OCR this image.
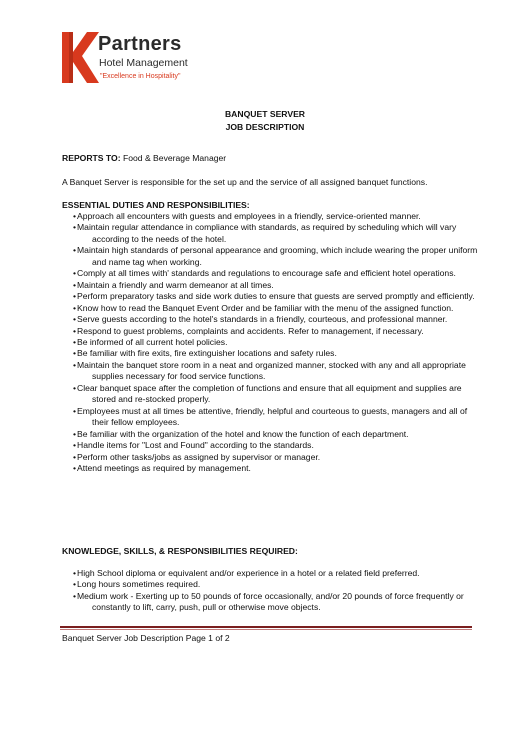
Partners
Hotel Management
"Excellence in Hospitality"
BANQUET SERVER
JOB DESCRIPTION
REPORTS TO: Food & Beverage Manager
A Banquet Server is responsible for the set up and the service of all assigned banquet functions.
ESSENTIAL DUTIES AND RESPONSIBILITIES:
• Approach all encounters with guests and employees in a friendly, service-oriented manner.
• Maintain regular attendance in compliance with standards, as required by scheduling which will vary according to the needs of the hotel.
• Maintain high standards of personal appearance and grooming, which include wearing the proper uniform and name tag when working.
• Comply at all times with' standards and regulations to encourage safe and efficient hotel operations.
• Maintain a friendly and warm demeanor at all times.
• Perform preparatory tasks and side work duties to ensure that guests are served promptly and efficiently.
• Know how to read the Banquet Event Order and be familiar with the menu of the assigned function.
• Serve guests according to the hotel's standards in a friendly, courteous, and professional manner.
• Respond to guest problems, complaints and accidents. Refer to management, if necessary.
• Be informed of all current hotel policies.
• Be familiar with fire exits, fire extinguisher locations and safety rules.
• Maintain the banquet store room in a neat and organized manner, stocked with any and all appropriate supplies necessary for food service functions.
• Clear banquet space after the completion of functions and ensure that all equipment and supplies are stored and re-stocked properly.
• Employees must at all times be attentive, friendly, helpful and courteous to guests, managers and all of their fellow employees.
• Be familiar with the organization of the hotel and know the function of each department.
• Handle items for "Lost and Found" according to the standards.
• Perform other tasks/jobs as assigned by supervisor or manager.
• Attend meetings as required by management.
KNOWLEDGE, SKILLS, & RESPONSIBILITIES REQUIRED:
• High School diploma or equivalent and/or experience in a hotel or a related field preferred.
• Long hours sometimes required.
• Medium work - Exerting up to 50 pounds of force occasionally, and/or 20 pounds of force frequently or constantly to lift, carry, push, pull or otherwise move objects.
Banquet Server Job Description Page 1 of 2
